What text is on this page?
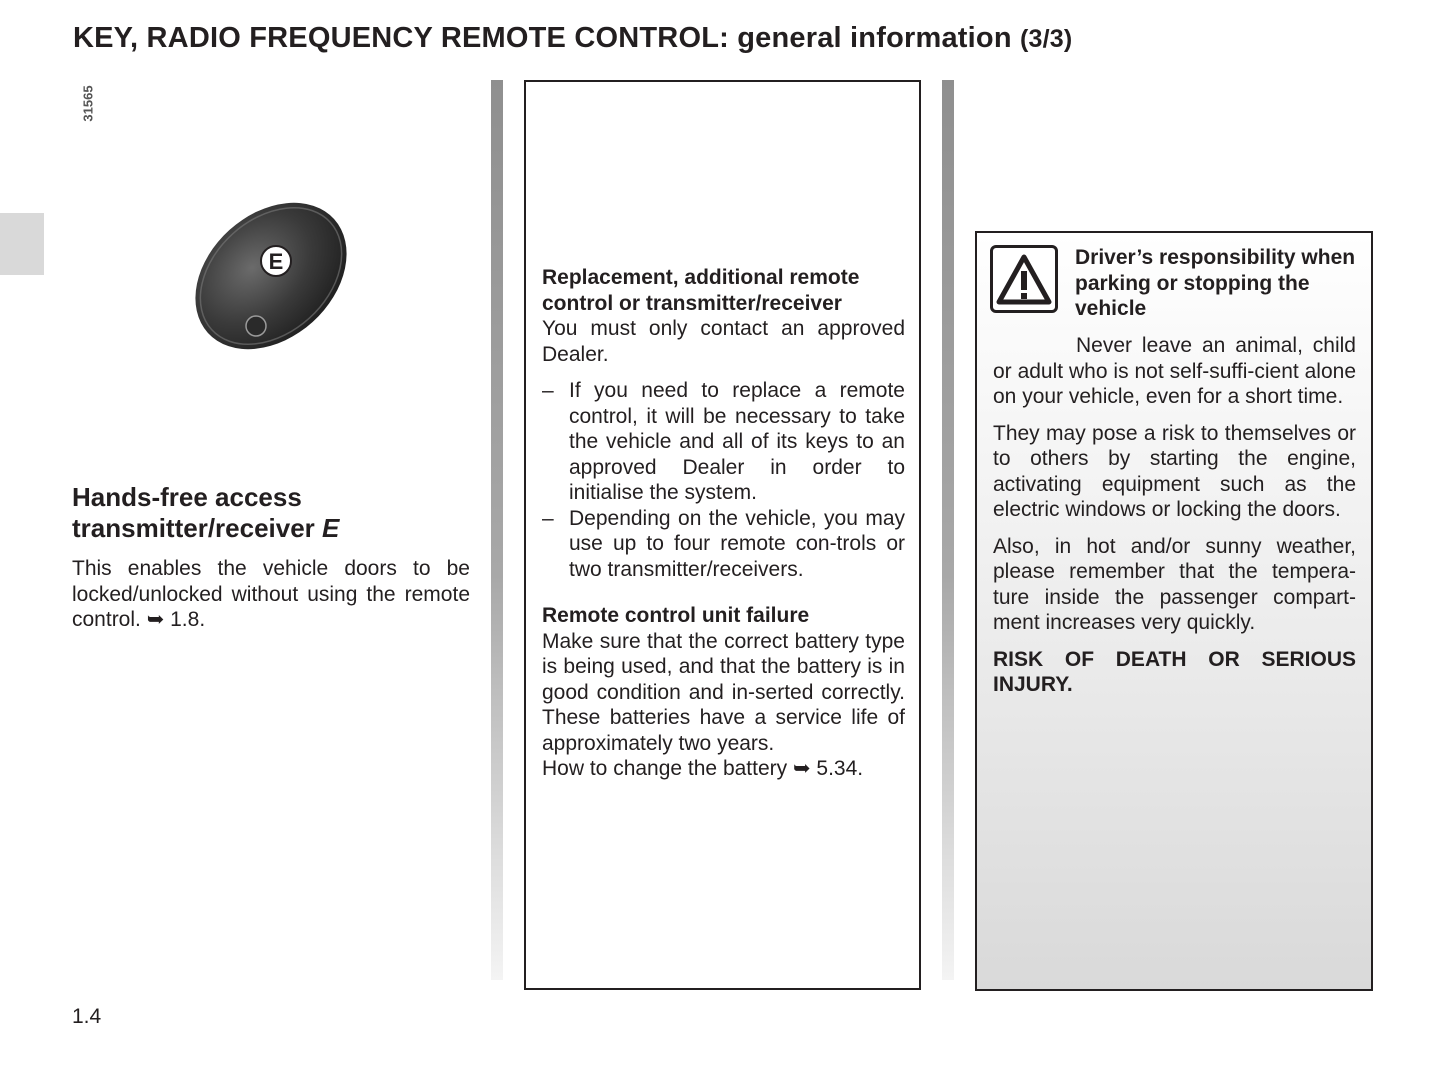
KEY, RADIO FREQUENCY REMOTE CONTROL: general information (3/3)
31565
E
Hands-free access
transmitter/receiver E

This enables the vehicle doors to be locked/unlocked without using the remote control. ➥ 1.8.

Replacement, additional remote control or transmitter/receiver

You must only contact an approved Dealer.

– If you need to replace a remote control, it will be necessary to take the vehicle and all of its keys to an approved Dealer in order to initialise the system.
– Depending on the vehicle, you may use up to four remote con-trols or two transmitter/receivers.

Remote control unit failure

Make sure that the correct battery type is being used, and that the battery is in good condition and in-serted correctly. These batteries have a service life of approximately two years.

How to change the battery ➥ 5.34.

Driver’s responsibility when parking or stopping the vehicle

Never leave an animal, child or adult who is not self-suffi-cient alone on your vehicle, even for a short time.

They may pose a risk to themselves or to others by starting the engine, activating equipment such as the electric windows or locking the doors.

Also, in hot and/or sunny weather, please remember that the tempera-ture inside the passenger compart-ment increases very quickly.

RISK OF DEATH OR SERIOUS INJURY.

1.4
